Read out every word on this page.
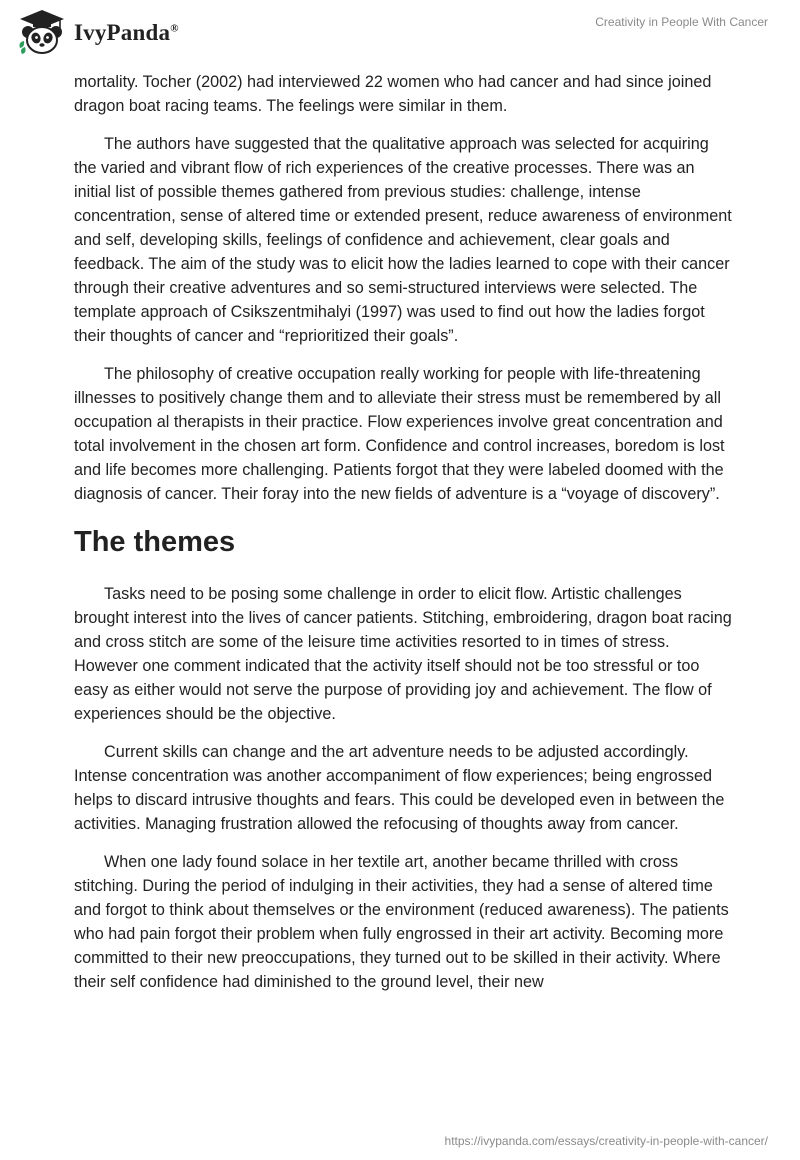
IvyPanda®	Creativity in People With Cancer

mortality. Tocher (2002) had interviewed 22 women who had cancer and had since joined dragon boat racing teams. The feelings were similar in them.

The authors have suggested that the qualitative approach was selected for acquiring the varied and vibrant flow of rich experiences of the creative processes. There was an initial list of possible themes gathered from previous studies: challenge, intense concentration, sense of altered time or extended present, reduce awareness of environment and self, developing skills, feelings of confidence and achievement, clear goals and feedback. The aim of the study was to elicit how the ladies learned to cope with their cancer through their creative adventures and so semi-structured interviews were selected. The template approach of Csikszentmihalyi (1997) was used to find out how the ladies forgot their thoughts of cancer and “reprioritized their goals”.

The philosophy of creative occupation really working for people with life-threatening illnesses to positively change them and to alleviate their stress must be remembered by all occupation al therapists in their practice. Flow experiences involve great concentration and total involvement in the chosen art form. Confidence and control increases, boredom is lost and life becomes more challenging. Patients forgot that they were labeled doomed with the diagnosis of cancer. Their foray into the new fields of adventure is a “voyage of discovery”.

The themes

Tasks need to be posing some challenge in order to elicit flow. Artistic challenges brought interest into the lives of cancer patients. Stitching, embroidering, dragon boat racing and cross stitch are some of the leisure time activities resorted to in times of stress. However one comment indicated that the activity itself should not be too stressful or too easy as either would not serve the purpose of providing joy and achievement. The flow of experiences should be the objective.

Current skills can change and the art adventure needs to be adjusted accordingly. Intense concentration was another accompaniment of flow experiences; being engrossed helps to discard intrusive thoughts and fears. This could be developed even in between the activities. Managing frustration allowed the refocusing of thoughts away from cancer.

When one lady found solace in her textile art, another became thrilled with cross stitching. During the period of indulging in their activities, they had a sense of altered time and forgot to think about themselves or the environment (reduced awareness). The patients who had pain forgot their problem when fully engrossed in their art activity. Becoming more committed to their new preoccupations, they turned out to be skilled in their activity. Where their self confidence had diminished to the ground level, their new

https://ivypanda.com/essays/creativity-in-people-with-cancer/
